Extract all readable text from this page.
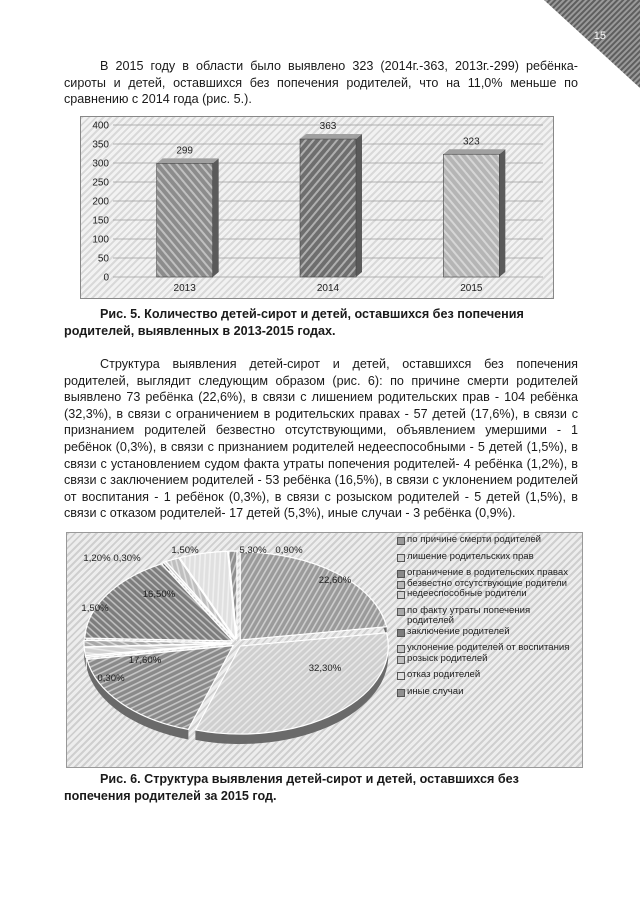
15

В 2015 году в области было выявлено 323 (2014г.-363, 2013г.-299) ребёнка-сироты и детей, оставшихся без попечения родителей, что на 11,0% меньше по сравнению с 2014 года (рис. 5.).

0
50
100
150
200
250
300
350
400
299
2013
363
2014
323
2015

Рис. 5. Количество детей-сирот и детей, оставшихся без попечения родителей, выявленных в 2013-2015 годах.

Структура выявления детей-сирот и детей, оставшихся без попечения родителей, выглядит следующим образом (рис. 6): по причине смерти родителей выявлено 73 ребёнка (22,6%), в связи с лишением родительских прав - 104 ребёнка (32,3%), в связи с ограничением в родительских правах - 57 детей (17,6%), в связи с признанием родителей безвестно отсутствующими, объявлением умершими - 1 ребёнок (0,3%), в связи с признанием родителей недееспособными - 5 детей (1,5%), в связи с установлением судом факта утраты попечения родителей- 4 ребёнка (1,2%), в связи с заключением родителей - 53 ребёнка (16,5%), в связи с уклонением родителей от воспитания - 1 ребёнок (0,3%), в связи с розыском родителей - 5 детей (1,5%), в связи с отказом родителей- 17 детей (5,3%), иные случаи - 3 ребёнка (0,9%).

22,60%
32,30%
17,60%
0,30%
1,50%
1,20%
16,50%
0,30%
1,50%	5,30% 0,90%
по причине смерти родителей
лишение родительских прав
ограничение в родительских правах
безвестно отсутствующие родители
недееспособные родители
по факту утраты попечения родителей
заключение родителей
уклонение родителей от воспитания
розыск родителей
отказ родителей
иные случаи

Рис. 6. Структура выявления детей-сирот и детей, оставшихся без попечения родителей за 2015 год.
